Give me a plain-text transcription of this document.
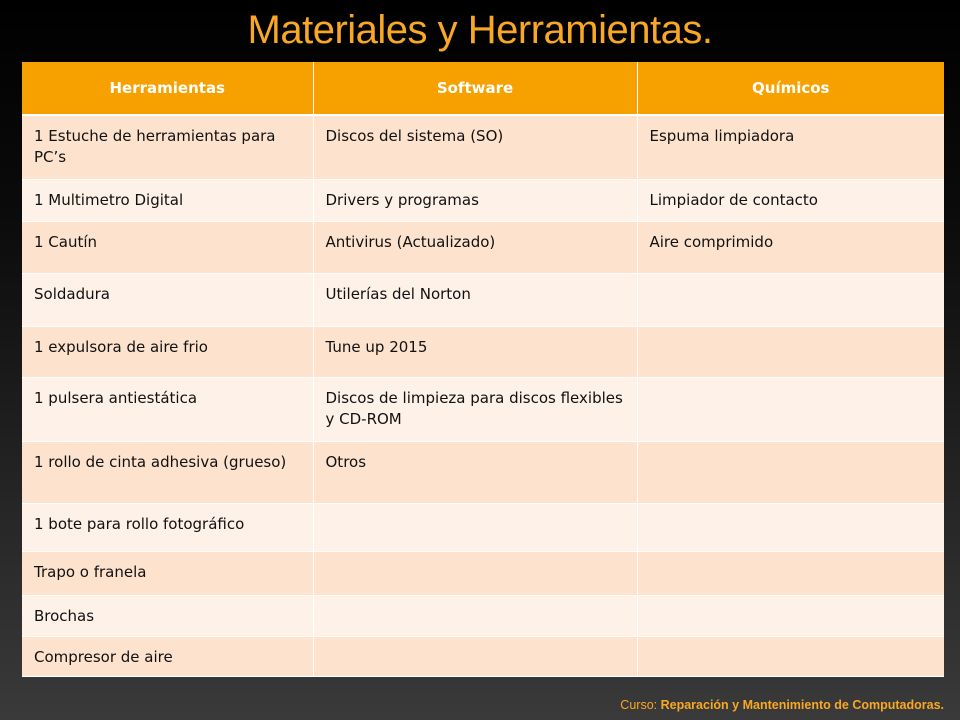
Materiales y Herramientas.
Herramientas	Software	Químicos
1 Estuche de herramientas para PC’s	Discos del sistema (SO)	Espuma limpiadora
1 Multimetro Digital	Drivers y programas	Limpiador de contacto
1 Cautín	Antivirus (Actualizado)	Aire comprimido
Soldadura	Utilerías del Norton	
1 expulsora de aire frio	Tune up 2015	
1 pulsera antiestática	Discos de limpieza para discos flexibles y CD-ROM	
1 rollo de cinta adhesiva (grueso)	Otros	
1 bote para rollo fotográfico		
Trapo o franela		
Brochas		
Compresor de aire		
Curso: Reparación y Mantenimiento de Computadoras.
